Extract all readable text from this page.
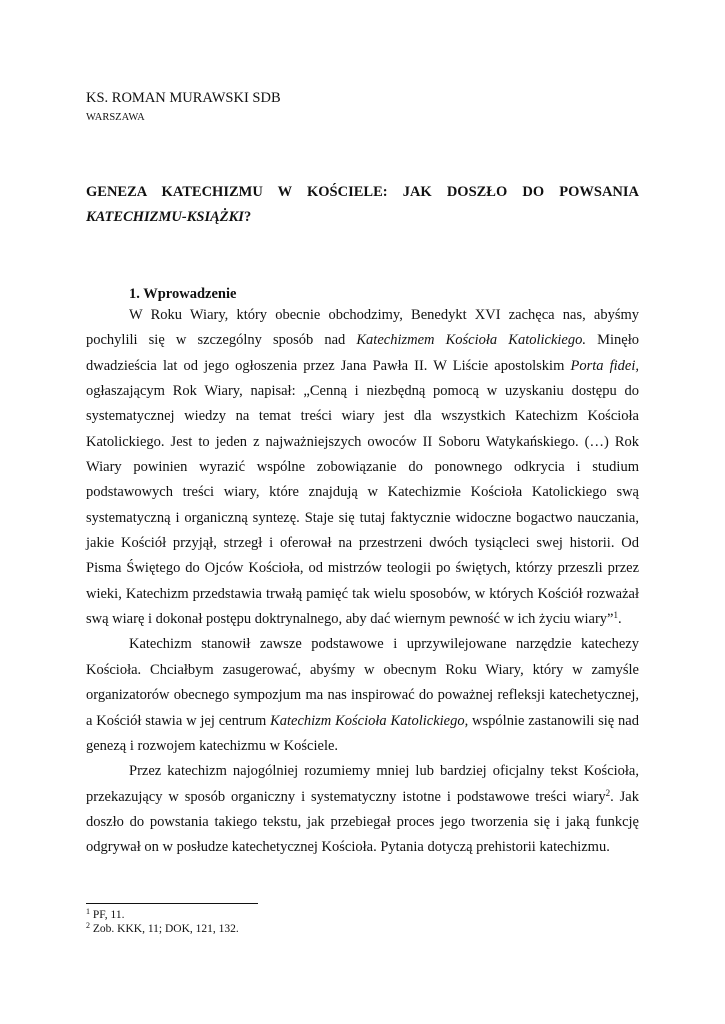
KS. ROMAN MURAWSKI SDB
WARSZAWA
GENEZA KATECHIZMU W KOŚCIELE: JAK DOSZŁO DO POWSANIA
KATECHIZMU-KSIĄŻKI?
1. Wprowadzenie

W Roku Wiary, który obecnie obchodzimy, Benedykt XVI zachęca nas, abyśmy pochylili się w szczególny sposób nad Katechizmem Kościoła Katolickiego. Minęło dwadzieścia lat od jego ogłoszenia przez Jana Pawła II. W Liście apostolskim Porta fidei, ogłaszającym Rok Wiary, napisał: „Cenną i niezbędną pomocą w uzyskaniu dostępu do systematycznej wiedzy na temat treści wiary jest dla wszystkich Katechizm Kościoła Katolickiego. Jest to jeden z najważniejszych owoców II Soboru Watykańskiego. (…) Rok Wiary powinien wyrazić wspólne zobowiązanie do ponownego odkrycia i studium podstawowych treści wiary, które znajdują w Katechizmie Kościoła Katolickiego swą systematyczną i organiczną syntezę. Staje się tutaj faktycznie widoczne bogactwo nauczania, jakie Kościół przyjął, strzegł i oferował na przestrzeni dwóch tysiącleci swej historii. Od Pisma Świętego do Ojców Kościoła, od mistrzów teologii po świętych, którzy przeszli przez wieki, Katechizm przedstawia trwałą pamięć tak wielu sposobów, w których Kościół rozważał swą wiarę i dokonał postępu doktrynalnego, aby dać wiernym pewność w ich życiu wiary”$^1$.

Katechizm stanowił zawsze podstawowe i uprzywilejowane narzędzie katechezy Kościoła. Chciałbym zasugerować, abyśmy w obecnym Roku Wiary, który w zamyśle organizatorów obecnego sympozjum ma nas inspirować do poważnej refleksji katechetycznej, a Kościół stawia w jej centrum Katechizm Kościoła Katolickiego, wspólnie zastanowili się nad genezą i rozwojem katechizmu w Kościele.

Przez katechizm najogólniej rozumiemy mniej lub bardziej oficjalny tekst Kościoła, przekazujący w sposób organiczny i systematyczny istotne i podstawowe treści wiary$^2$. Jak doszło do powstania takiego tekstu, jak przebiegał proces jego tworzenia się i jaką funkcję odgrywał on w posłudze katechetycznej Kościoła. Pytania dotyczą prehistorii katechizmu.

$^1$ PF, 11.
$^2$ Zob. KKK, 11; DOK, 121, 132.
